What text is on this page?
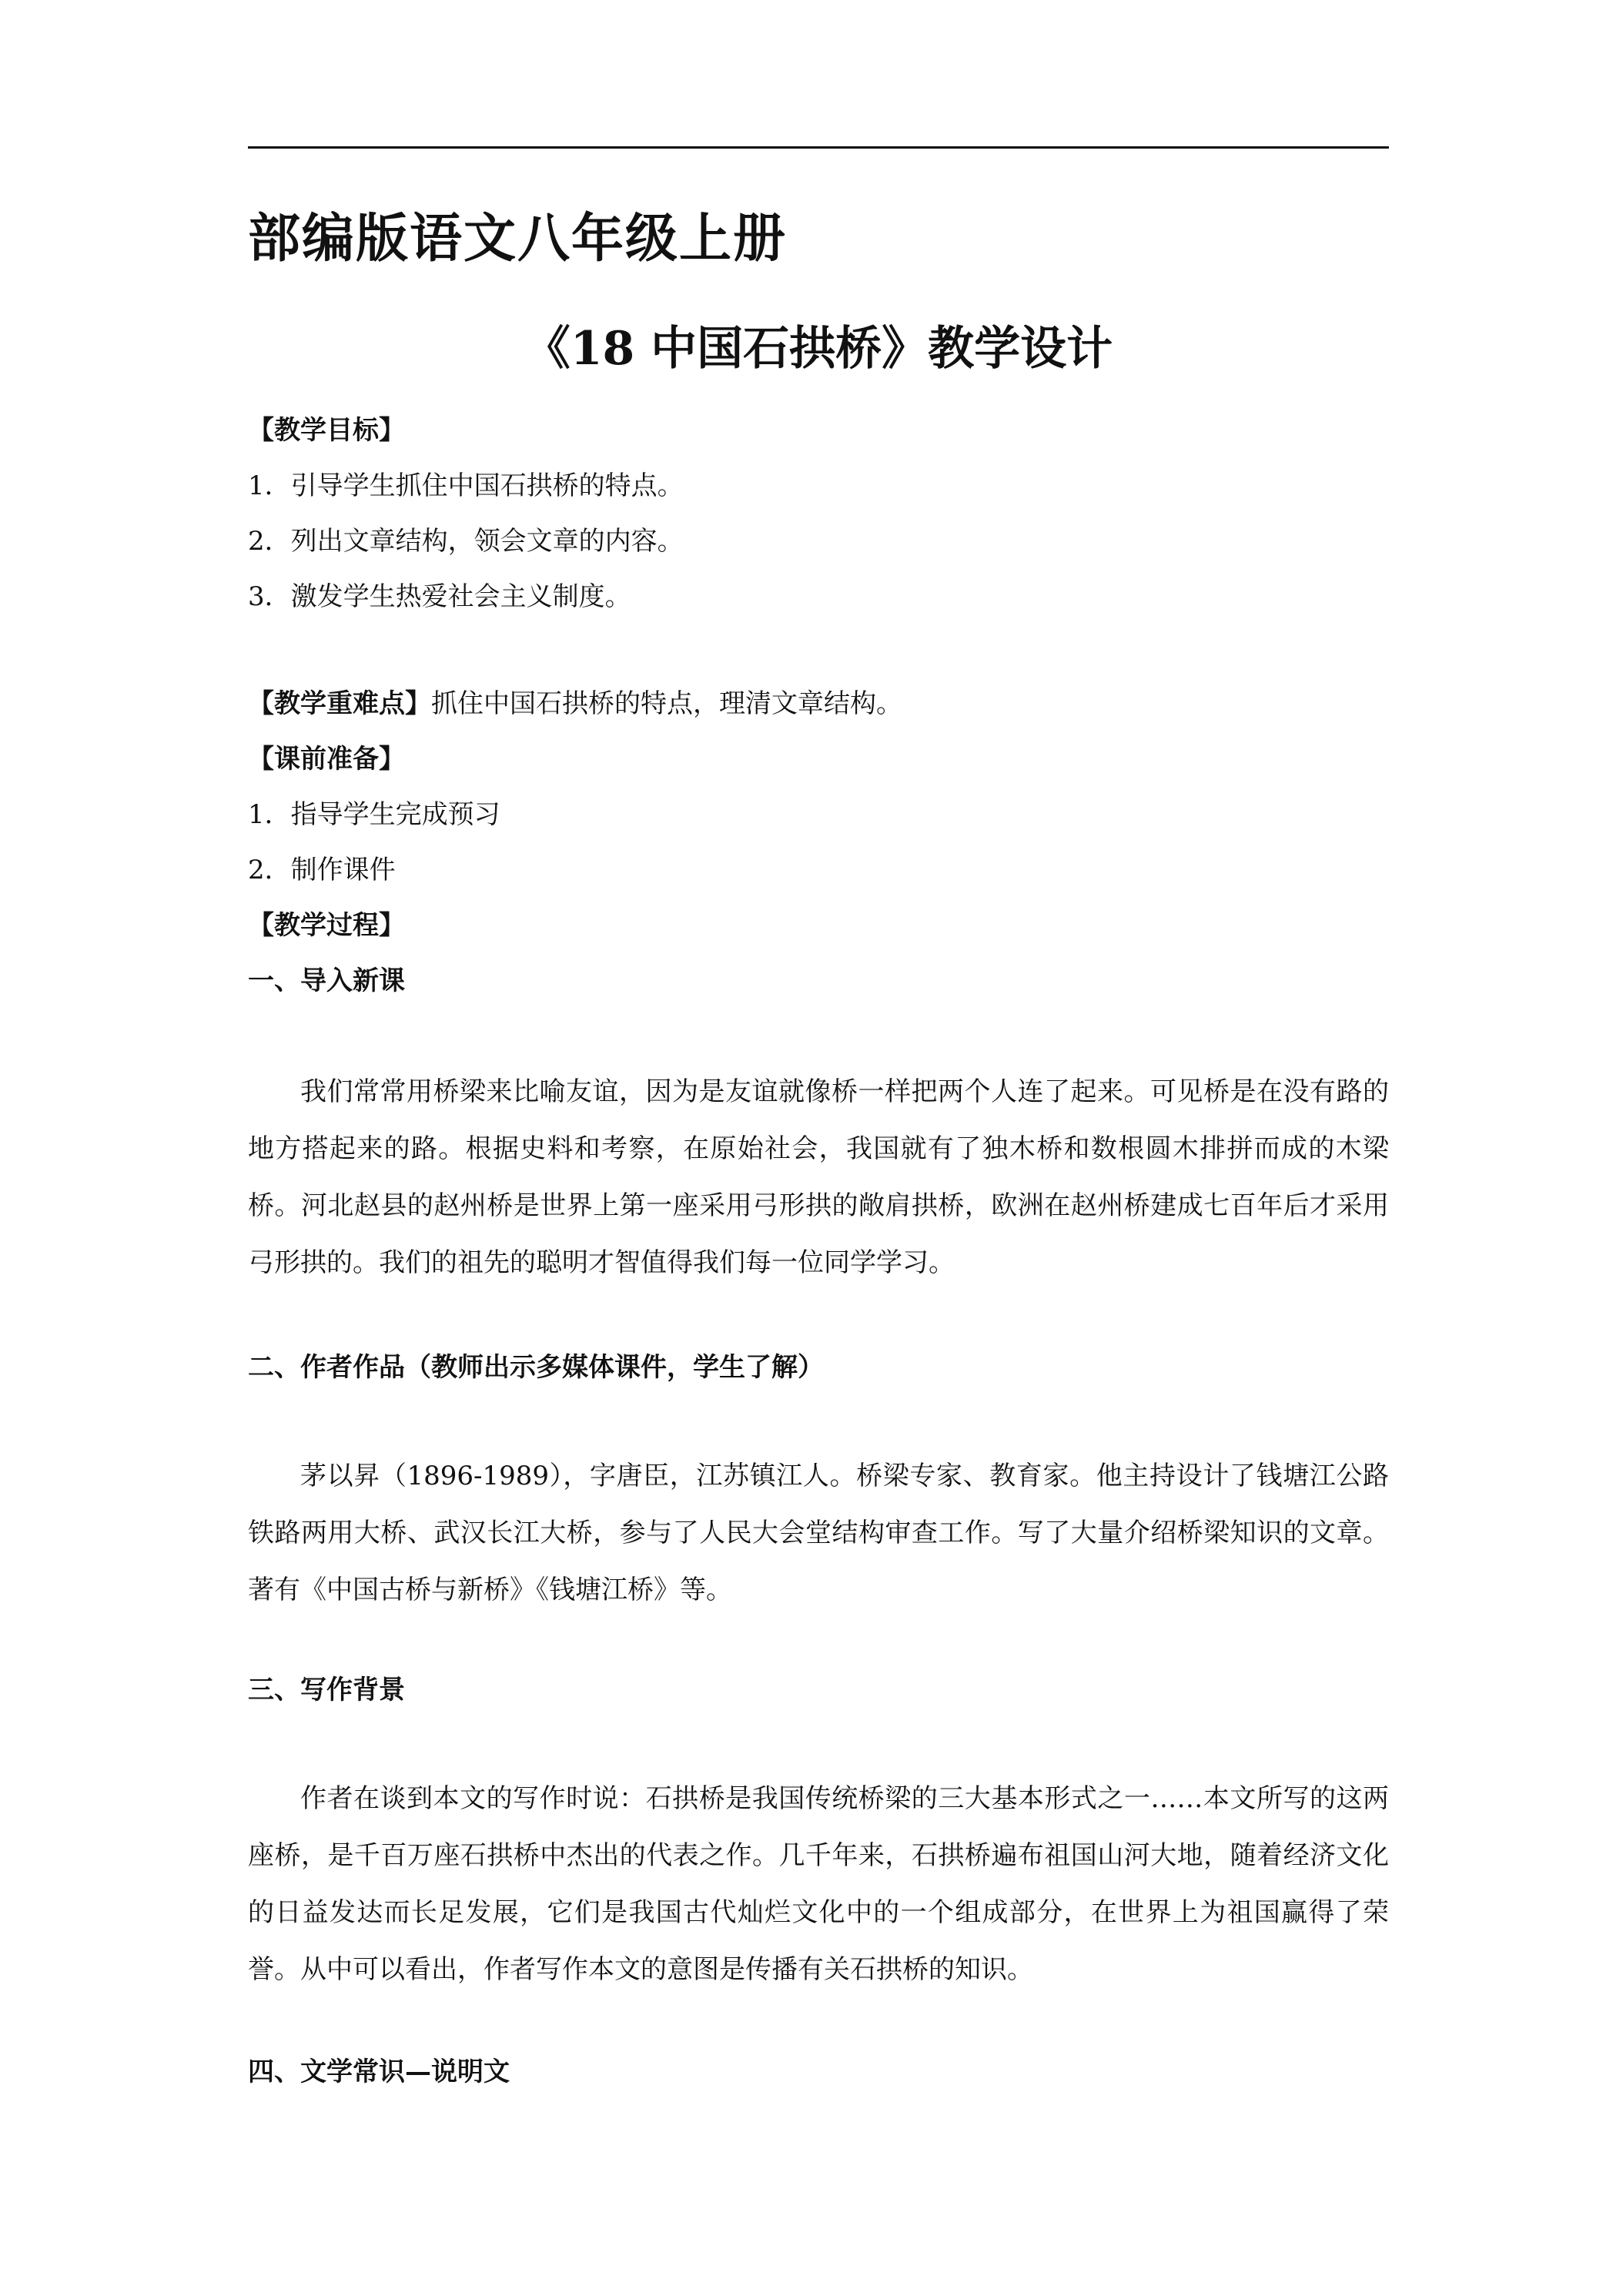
部编版语文八年级上册
《18 中国石拱桥》教学设计
【教学目标】
1．引导学生抓住中国石拱桥的特点。
2．列出文章结构，领会文章的内容。
3．激发学生热爱社会主义制度。
【教学重难点】抓住中国石拱桥的特点，理清文章结构。
【课前准备】
1．指导学生完成预习
2．制作课件
【教学过程】
一、导入新课
我们常常用桥梁来比喻友谊，因为是友谊就像桥一样把两个人连了起来。可见桥是在没有路的地方搭起来的路。根据史料和考察，在原始社会，我国就有了独木桥和数根圆木排拼而成的木梁桥。河北赵县的赵州桥是世界上第一座采用弓形拱的敞肩拱桥，欧洲在赵州桥建成七百年后才采用弓形拱的。我们的祖先的聪明才智值得我们每一位同学学习。
二、作者作品（教师出示多媒体课件，学生了解）
茅以昇（1896-1989），字唐臣，江苏镇江人。桥梁专家、教育家。他主持设计了钱塘江公路铁路两用大桥、武汉长江大桥，参与了人民大会堂结构审查工作。写了大量介绍桥梁知识的文章。著有《中国古桥与新桥》《钱塘江桥》等。
三、写作背景
作者在谈到本文的写作时说：石拱桥是我国传统桥梁的三大基本形式之一……本文所写的这两座桥，是千百万座石拱桥中杰出的代表之作。几千年来，石拱桥遍布祖国山河大地，随着经济文化的日益发达而长足发展，它们是我国古代灿烂文化中的一个组成部分，在世界上为祖国赢得了荣誉。从中可以看出，作者写作本文的意图是传播有关石拱桥的知识。
四、文学常识—说明文
